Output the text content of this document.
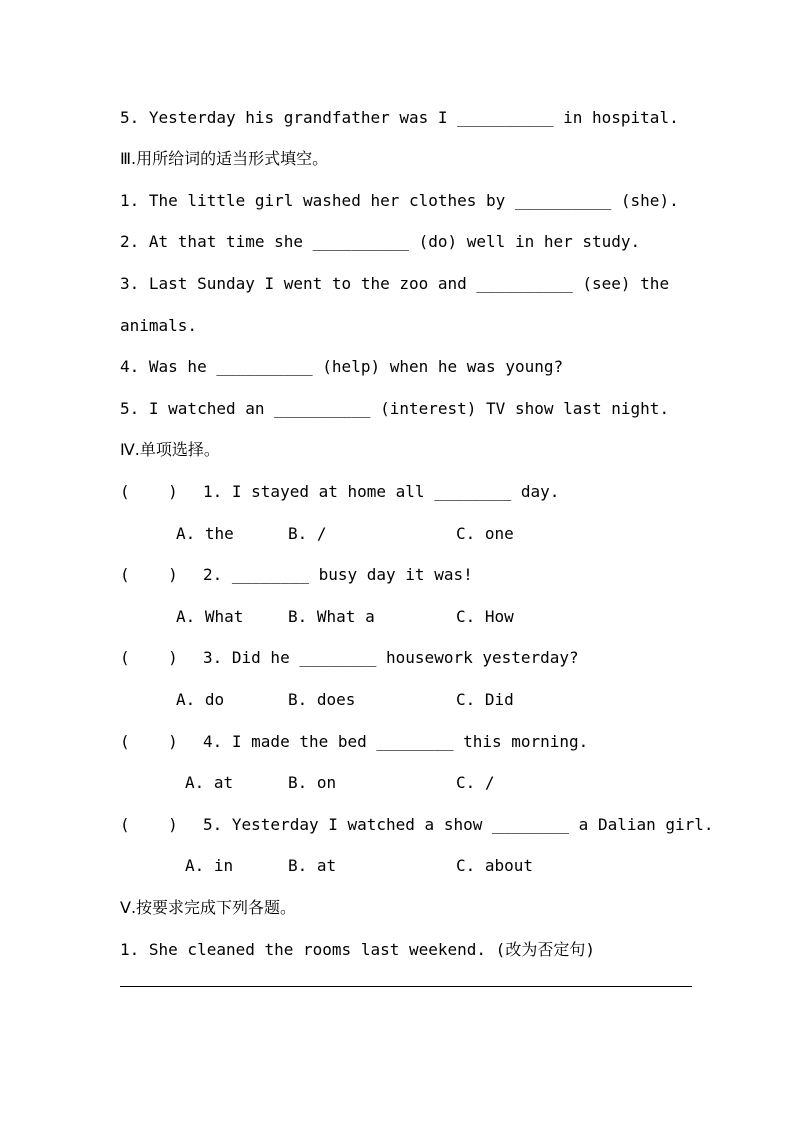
5. Yesterday his grandfather was I __________ in hospital.
Ⅲ.用所给词的适当形式填空。
1. The little girl washed her clothes by __________ (she).
2. At that time she __________ (do) well in her study.
3. Last Sunday I went to the zoo and __________ (see) the
animals.
4. Was he __________ (help) when he was young?
5. I watched an __________ (interest) TV show last night.
Ⅳ.单项选择。
(    ) 1. I stayed at home all ________ day.
A. the	B. /	C. one
(    ) 2. ________ busy day it was!
A. What	B. What a	C. How
(    ) 3. Did he ________ housework yesterday?
A. do	B. does	C. Did
(    ) 4. I made the bed ________ this morning.
A. at	B. on	C. /
(    ) 5. Yesterday I watched a show ________ a Dalian girl.
A. in	B. at	C. about
Ⅴ.按要求完成下列各题。
1. She cleaned the rooms last weekend. (改为否定句)
